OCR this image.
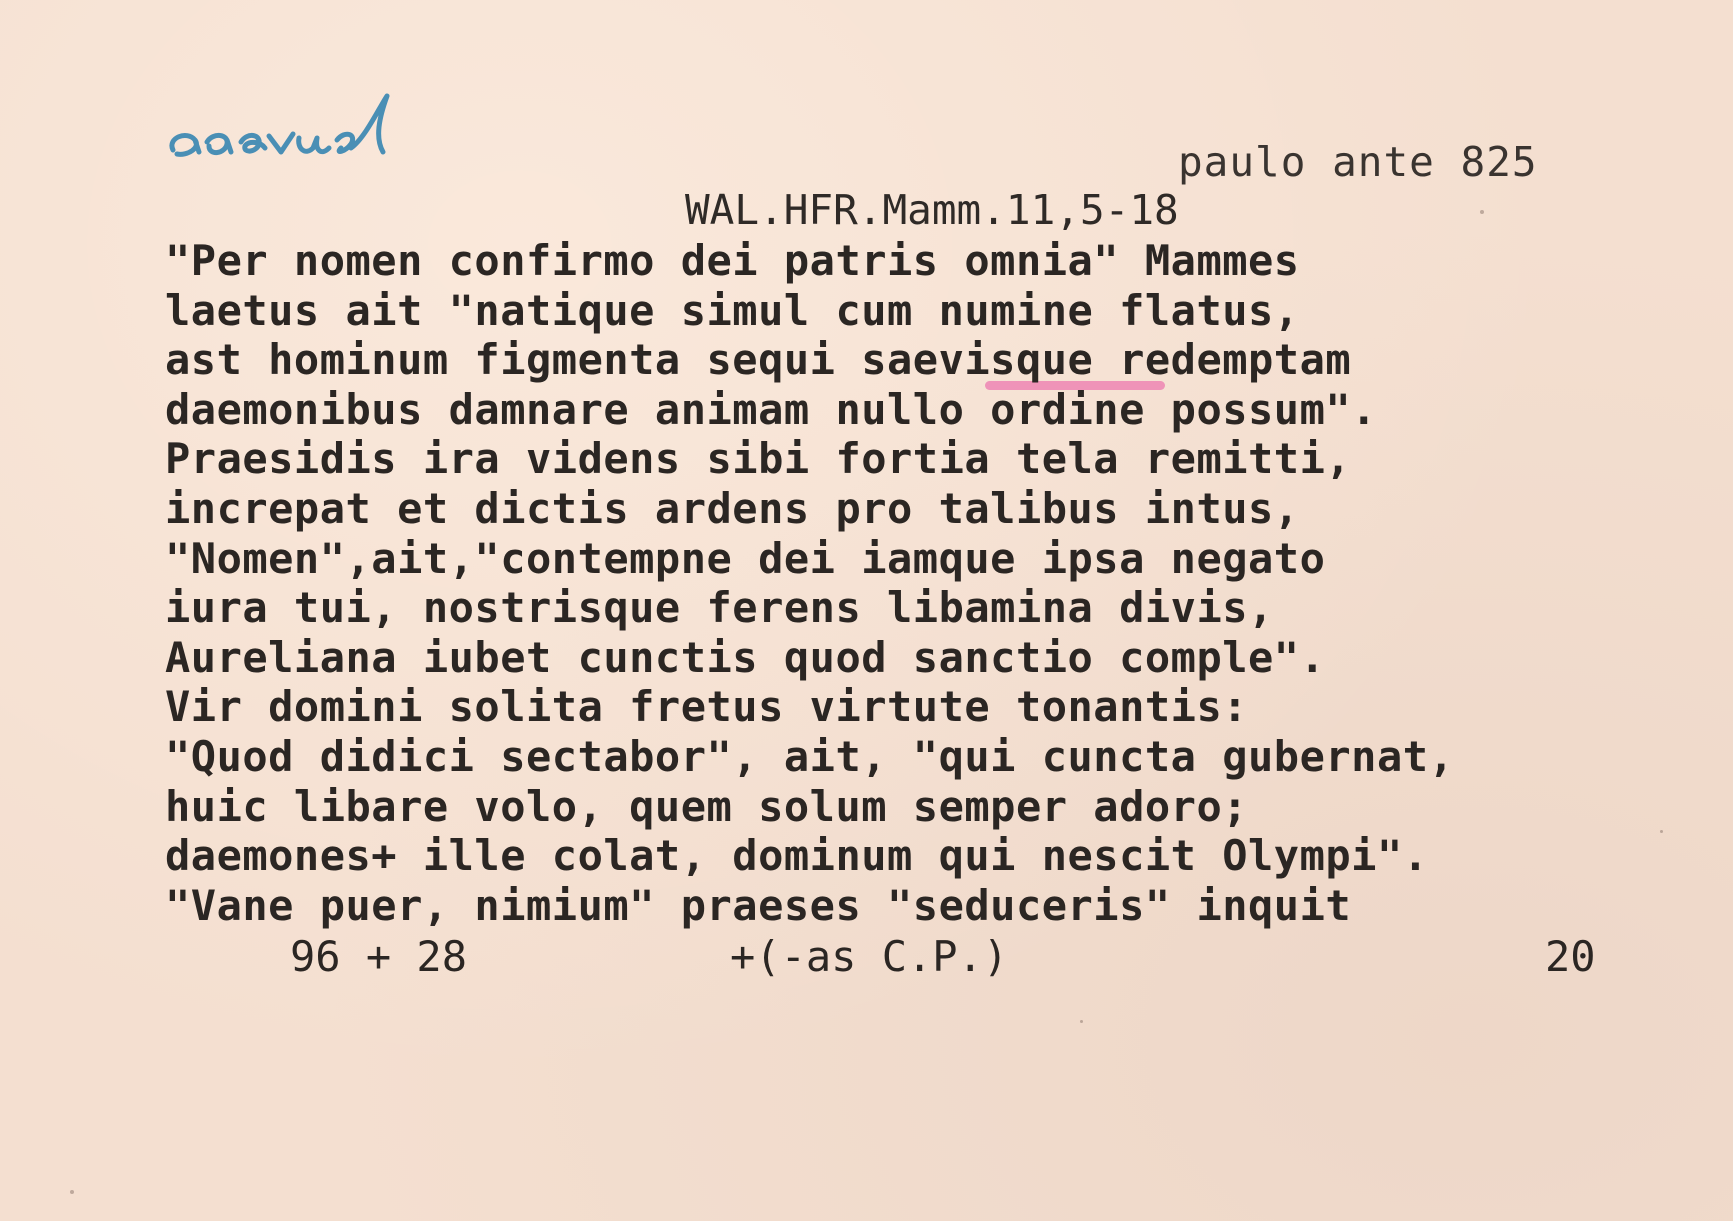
paulo ante 825
WAL.HFR.Mamm.11,5-18
"Per nomen confirmo dei patris omnia" Mammes
laetus ait "natique simul cum numine flatus,
ast hominum figmenta sequi saevisque redemptam
daemonibus damnare animam nullo ordine possum".
Praesidis ira videns sibi fortia tela remitti,
increpat et dictis ardens pro talibus intus,
"Nomen",ait,"contempne dei iamque ipsa negato
iura tui, nostrisque ferens libamina divis,
Aureliana iubet cunctis quod sanctio comple".
Vir domini solita fretus virtute tonantis:
"Quod didici sectabor", ait, "qui cuncta gubernat,
huic libare volo, quem solum semper adoro;
daemones+ ille colat, dominum qui nescit Olympi".
"Vane puer, nimium" praeses "seduceris" inquit
96 + 28	+(-as C.P.)	20
